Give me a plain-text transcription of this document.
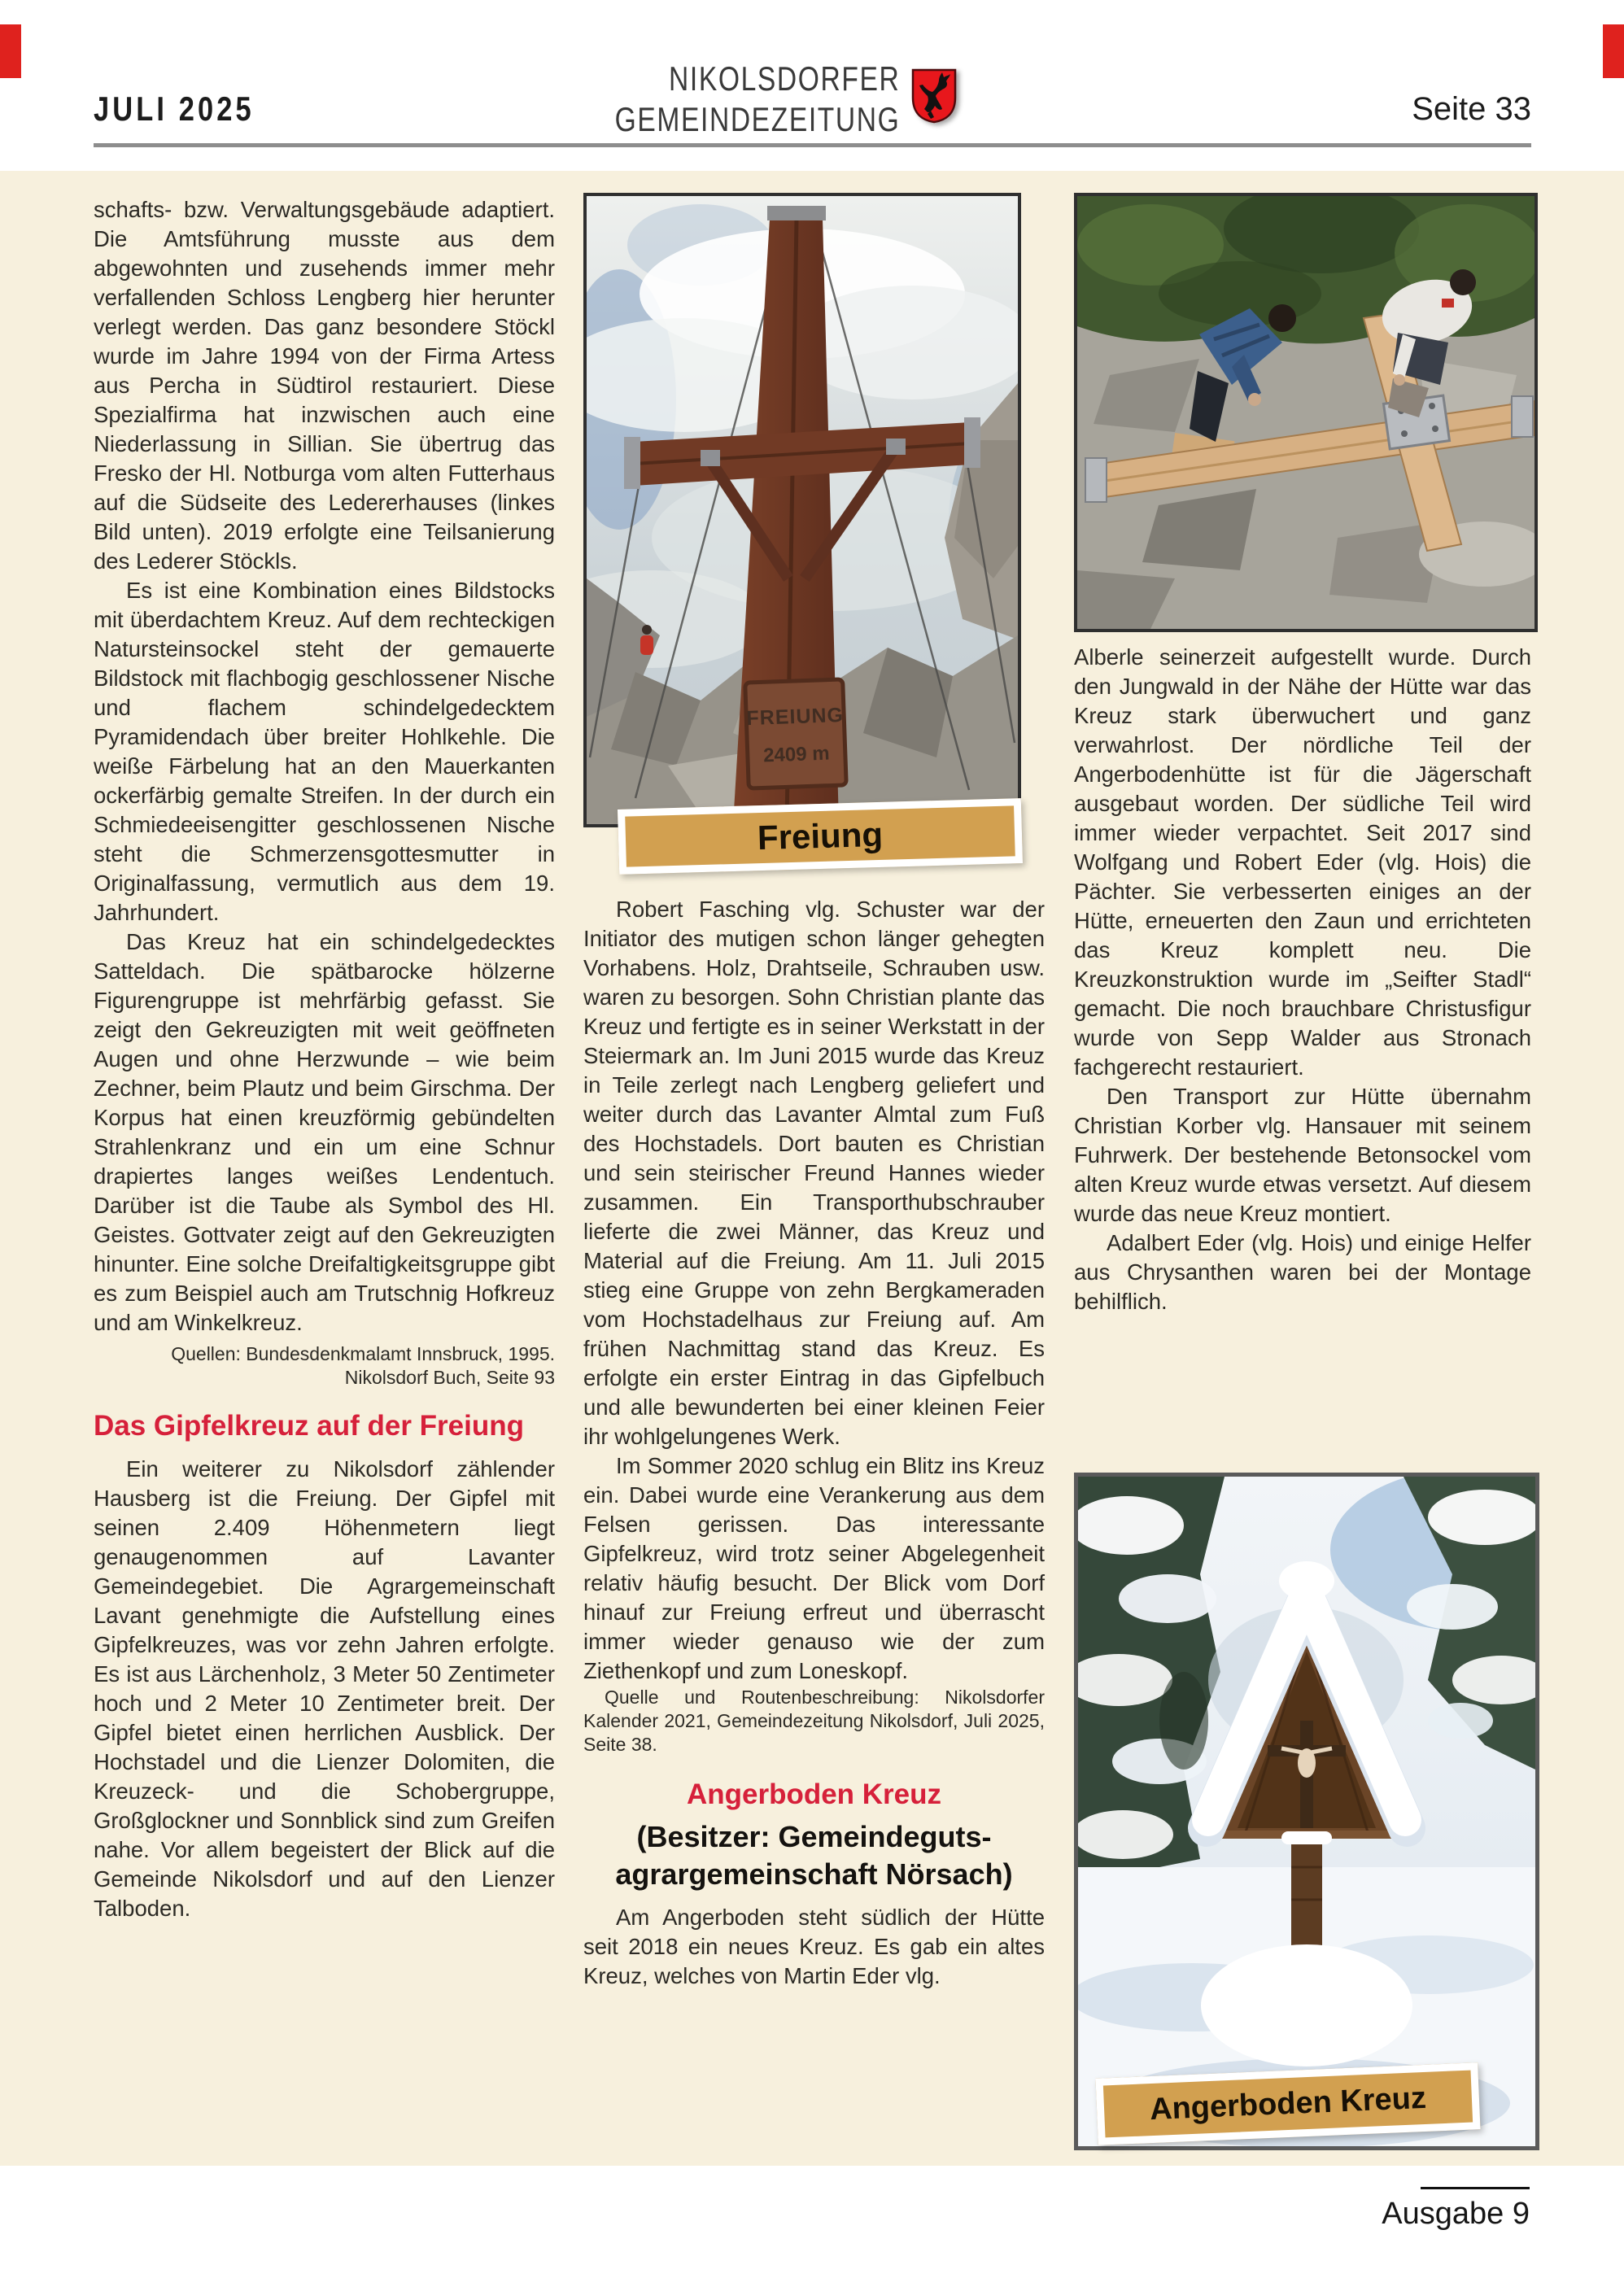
JULI 2025
NIKOLSDORFER
GEMEINDEZEITUNG	Seite 33

schafts- bzw. Verwaltungsgebäude adaptiert. Die Amtsführung musste aus dem abgewohnten und zusehends immer mehr verfallenden Schloss Lengberg hier herunter verlegt werden. Das ganz besondere Stöckl wurde im Jahre 1994 von der Firma Artess aus Percha in Südtirol restauriert. Diese Spezialfirma hat inzwischen auch eine Niederlassung in Sillian. Sie übertrug das Fresko der Hl. Notburga vom alten Futterhaus auf die Südseite des Ledererhauses (linkes Bild unten). 2019 erfolgte eine Teilsanierung des Lederer Stöckls.

Es ist eine Kombination eines Bildstocks mit überdachtem Kreuz. Auf dem rechteckigen Natursteinsockel steht der gemauerte Bildstock mit flachbogig geschlossener Nische und flachem schindelgedecktem Pyramidendach über breiter Hohlkehle. Die weiße Färbelung hat an den Mauerkanten ockerfärbig gemalte Streifen. In der durch ein Schmiedeeisengitter geschlossenen Nische steht die Schmerzensgottesmutter in Originalfassung, vermutlich aus dem 19. Jahrhundert.

Das Kreuz hat ein schindelgedecktes Satteldach. Die spätbarocke hölzerne Figurengruppe ist mehrfärbig gefasst. Sie zeigt den Gekreuzigten mit weit geöffneten Augen und ohne Herzwunde – wie beim Zechner, beim Plautz und beim Girschma. Der Korpus hat einen kreuzförmig gebündelten Strahlenkranz und ein um eine Schnur drapiertes langes weißes Lendentuch. Darüber ist die Taube als Symbol des Hl. Geistes. Gottvater zeigt auf den Gekreuzigten hinunter. Eine solche Dreifaltigkeitsgruppe gibt es zum Beispiel auch am Trutschnig Hofkreuz und am Winkelkreuz.

Quellen: Bundesdenkmalamt Innsbruck, 1995.
Nikolsdorf Buch, Seite 93
Das Gipfelkreuz auf der Freiung

Ein weiterer zu Nikolsdorf zählender Hausberg ist die Freiung. Der Gipfel mit seinen 2.409 Höhenmetern liegt genaugenommen auf Lavanter Gemeindegebiet. Die Agrargemeinschaft Lavant genehmigte die Aufstellung eines Gipfelkreuzes, was vor zehn Jahren erfolgte. Es ist aus Lärchenholz, 3 Meter 50 Zentimeter hoch und 2 Meter 10 Zentimeter breit. Der Gipfel bietet einen herrlichen Ausblick. Der Hochstadel und die Lienzer Dolomiten, die Kreuzeck- und die Schobergruppe, Großglockner und Sonnblick sind zum Greifen nahe. Vor allem begeistert der Blick auf die Gemeinde Nikolsdorf und auf den Lienzer Talboden.

FREIUNG
2409 m
Freiung

Robert Fasching vlg. Schuster war der Initiator des mutigen schon länger gehegten Vorhabens. Holz, Drahtseile, Schrauben usw. waren zu besorgen. Sohn Christian plante das Kreuz und fertigte es in seiner Werkstatt in der Steiermark an. Im Juni 2015 wurde das Kreuz in Teile zerlegt nach Lengberg geliefert und weiter durch das Lavanter Almtal zum Fuß des Hochstadels. Dort bauten es Christian und sein steirischer Freund Hannes wieder zusammen. Ein Transporthubschrauber lieferte die zwei Männer, das Kreuz und Material auf die Freiung. Am 11. Juli 2015 stieg eine Gruppe von zehn Bergkameraden vom Hochstadelhaus zur Freiung auf. Am frühen Nachmittag stand das Kreuz. Es erfolgte ein erster Eintrag in das Gipfelbuch und alle bewunderten bei einer kleinen Feier ihr wohlgelungenes Werk.

Im Sommer 2020 schlug ein Blitz ins Kreuz ein. Dabei wurde eine Verankerung aus dem Felsen gerissen. Das interessante Gipfelkreuz, wird trotz seiner Abgelegenheit relativ häufig besucht. Der Blick vom Dorf hinauf zur Freiung erfreut und überrascht immer wieder genauso wie der zum Ziethenkopf und zum Loneskopf.

Quelle und Routenbeschreibung: Nikolsdorfer Kalender 2021, Gemeindezeitung Nikolsdorf, Juli 2025, Seite 38.
Angerboden Kreuz
(Besitzer: Gemeindeguts-
agrargemeinschaft Nörsach)

Am Angerboden steht südlich der Hütte seit 2018 ein neues Kreuz. Es gab ein altes Kreuz, welches von Martin Eder vlg.

Alberle seinerzeit aufgestellt wurde. Durch den Jungwald in der Nähe der Hütte war das Kreuz stark überwuchert und ganz verwahrlost. Der nördliche Teil der Angerbodenhütte ist für die Jägerschaft ausgebaut worden. Der südliche Teil wird immer wieder verpachtet. Seit 2017 sind Wolfgang und Robert Eder (vlg. Hois) die Pächter. Sie verbesserten einiges an der Hütte, erneuerten den Zaun und errichteten das Kreuz komplett neu. Die Kreuzkonstruktion wurde im „Seifter Stadl“ gemacht. Die noch brauchbare Christusfigur wurde von Sepp Walder aus Stronach fachgerecht restauriert.

Den Transport zur Hütte übernahm Christian Korber vlg. Hansauer mit seinem Fuhrwerk. Der bestehende Betonsockel vom alten Kreuz wurde etwas versetzt. Auf diesem wurde das neue Kreuz montiert.

Adalbert Eder (vlg. Hois) und einige Helfer aus Chrysanthen waren bei der Montage behilflich.

Angerboden Kreuz
Ausgabe 9
